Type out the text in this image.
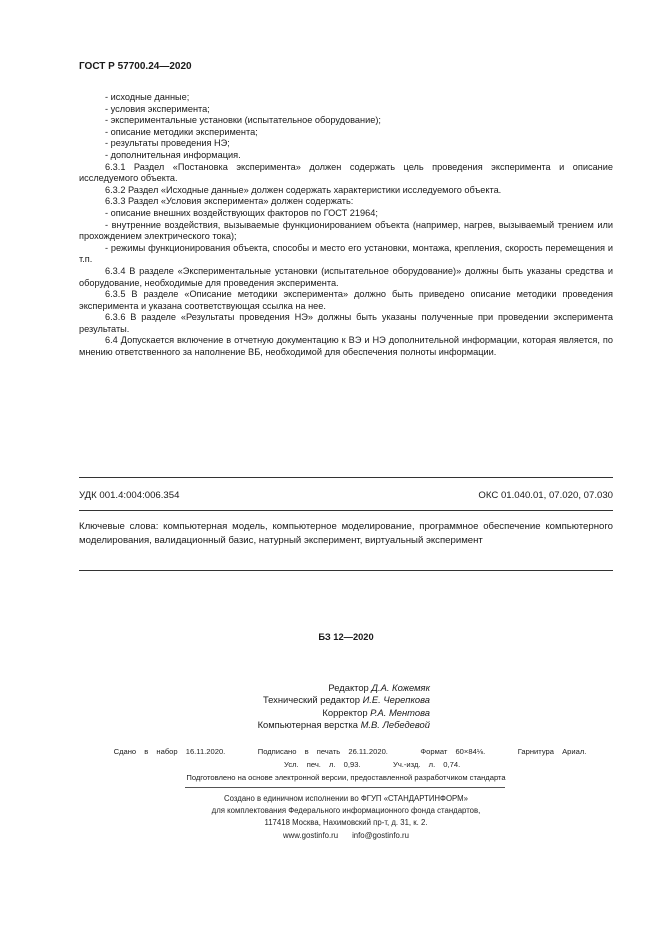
ГОСТ Р 57700.24—2020

- исходные данные;

- условия эксперимента;

- экспериментальные установки (испытательное оборудование);

- описание методики эксперимента;

- результаты проведения НЭ;

- дополнительная информация.

6.3.1 Раздел «Постановка эксперимента» должен содержать цель проведения эксперимента и описание исследуемого объекта.

6.3.2 Раздел «Исходные данные» должен содержать характеристики исследуемого объекта.

6.3.3 Раздел «Условия эксперимента» должен содержать:

- описание внешних воздействующих факторов по ГОСТ 21964;

- внутренние воздействия, вызываемые функционированием объекта (например, нагрев, вызываемый трением или прохождением электрического тока);

- режимы функционирования объекта, способы и место его установки, монтажа, крепления, скорость перемещения и т.п.

6.3.4 В разделе «Экспериментальные установки (испытательное оборудование)» должны быть указаны средства и оборудование, необходимые для проведения эксперимента.

6.3.5 В разделе «Описание методики эксперимента» должно быть приведено описание методики проведения эксперимента и указана соответствующая ссылка на нее.

6.3.6 В разделе «Результаты проведения НЭ» должны быть указаны полученные при проведении эксперимента результаты.

6.4 Допускается включение в отчетную документацию к ВЭ и НЭ дополнительной информации, которая является, по мнению ответственного за наполнение ВБ, необходимой для обеспечения полноты информации.

УДК 001.4:004:006.354	ОКС 01.040.01, 07.020, 07.030
Ключевые слова: компьютерная модель, компьютерное моделирование, программное обеспечение компьютерного моделирования, валидационный базис, натурный эксперимент, виртуальный эксперимент
БЗ 12—2020
Редактор Д.А. Кожемяк
Технический редактор И.Е. Черепкова
Корректор Р.А. Ментова
Компьютерная верстка М.В. Лебедевой
Сдано в набор 16.11.2020.	Подписано в печать 26.11.2020.	Формат 60×84⅛.	Гарнитура Ариал.
Усл. печ. л. 0,93.	Уч.-изд. л. 0,74.
Подготовлено на основе электронной версии, предоставленной разработчиком стандарта
Создано в единичном исполнении во ФГУП «СТАНДАРТИНФОРМ»
для комплектования Федерального информационного фонда стандартов,
117418 Москва, Нахимовский пр-т, д. 31, к. 2.
www.gostinfo.ru info@gostinfo.ru
